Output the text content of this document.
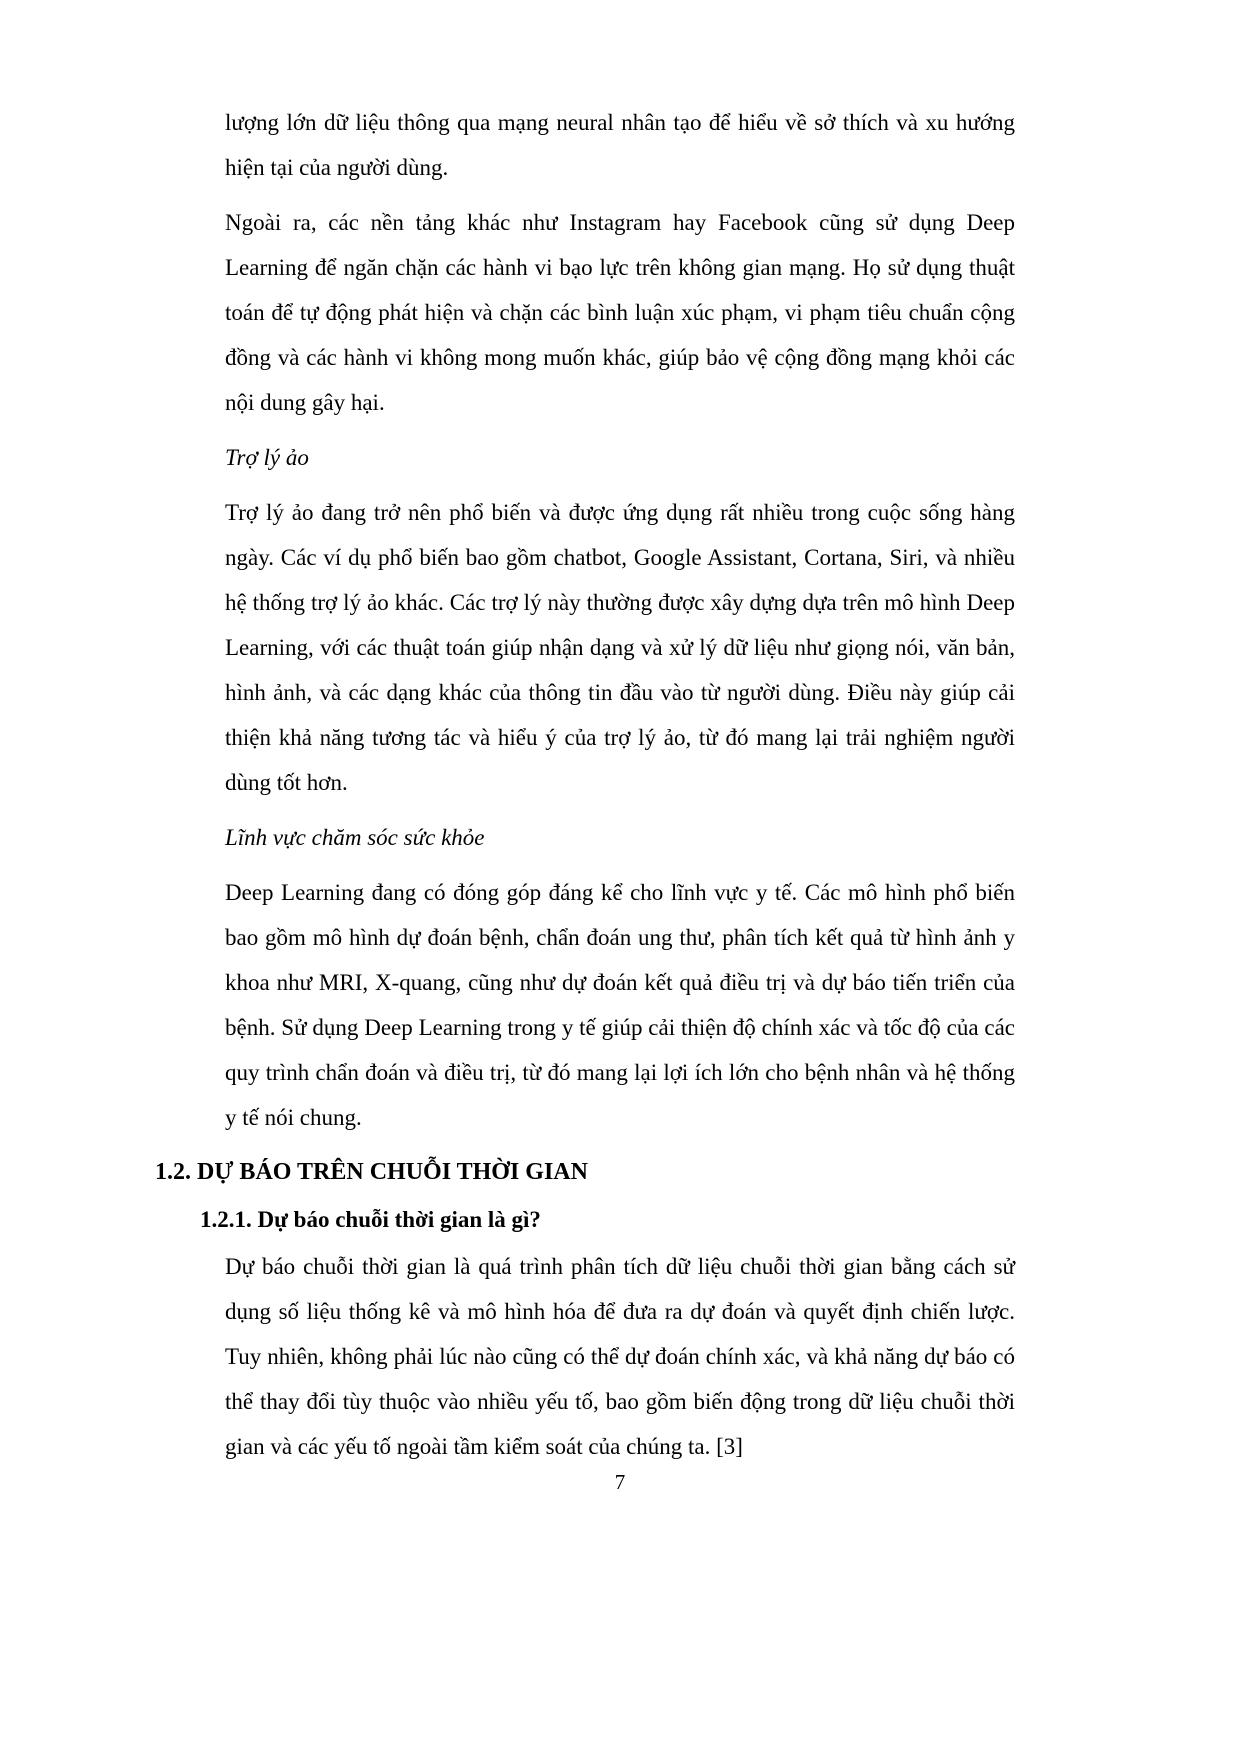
lượng lớn dữ liệu thông qua mạng neural nhân tạo để hiểu về sở thích và xu hướng hiện tại của người dùng.

Ngoài ra, các nền tảng khác như Instagram hay Facebook cũng sử dụng Deep Learning để ngăn chặn các hành vi bạo lực trên không gian mạng. Họ sử dụng thuật toán để tự động phát hiện và chặn các bình luận xúc phạm, vi phạm tiêu chuẩn cộng đồng và các hành vi không mong muốn khác, giúp bảo vệ cộng đồng mạng khỏi các nội dung gây hại.

Trợ lý ảo

Trợ lý ảo đang trở nên phổ biến và được ứng dụng rất nhiều trong cuộc sống hàng ngày. Các ví dụ phổ biến bao gồm chatbot, Google Assistant, Cortana, Siri, và nhiều hệ thống trợ lý ảo khác. Các trợ lý này thường được xây dựng dựa trên mô hình Deep Learning, với các thuật toán giúp nhận dạng và xử lý dữ liệu như giọng nói, văn bản, hình ảnh, và các dạng khác của thông tin đầu vào từ người dùng. Điều này giúp cải thiện khả năng tương tác và hiểu ý của trợ lý ảo, từ đó mang lại trải nghiệm người dùng tốt hơn.

Lĩnh vực chăm sóc sức khỏe

Deep Learning đang có đóng góp đáng kể cho lĩnh vực y tế. Các mô hình phổ biến bao gồm mô hình dự đoán bệnh, chẩn đoán ung thư, phân tích kết quả từ hình ảnh y khoa như MRI, X-quang, cũng như dự đoán kết quả điều trị và dự báo tiến triển của bệnh. Sử dụng Deep Learning trong y tế giúp cải thiện độ chính xác và tốc độ của các quy trình chẩn đoán và điều trị, từ đó mang lại lợi ích lớn cho bệnh nhân và hệ thống y tế nói chung.

1.2. DỰ BÁO TRÊN CHUỖI THỜI GIAN
1.2.1. Dự báo chuỗi thời gian là gì?

Dự báo chuỗi thời gian là quá trình phân tích dữ liệu chuỗi thời gian bằng cách sử dụng số liệu thống kê và mô hình hóa để đưa ra dự đoán và quyết định chiến lược. Tuy nhiên, không phải lúc nào cũng có thể dự đoán chính xác, và khả năng dự báo có thể thay đổi tùy thuộc vào nhiều yếu tố, bao gồm biến động trong dữ liệu chuỗi thời gian và các yếu tố ngoài tầm kiểm soát của chúng ta. [3]

7
